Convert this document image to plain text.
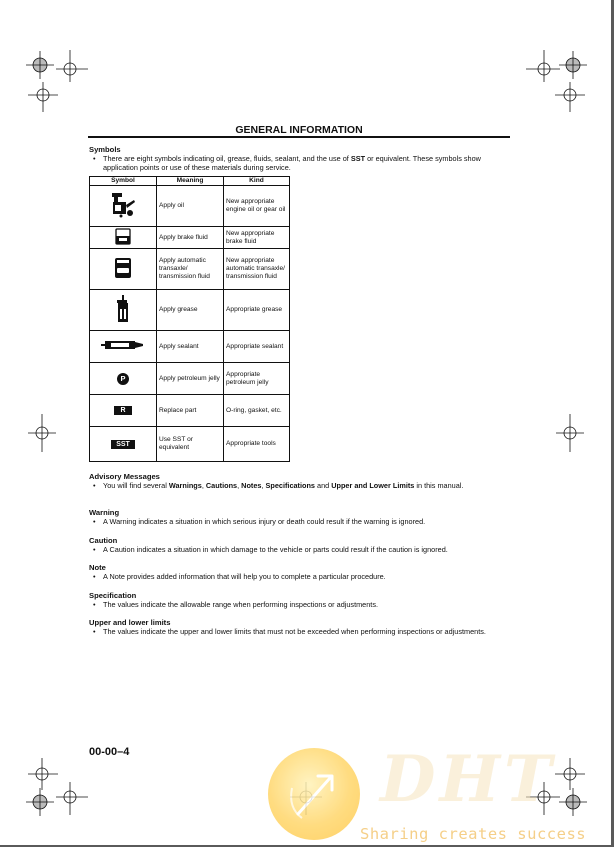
GENERAL INFORMATION
Symbols
• There are eight symbols indicating oil, grease, fluids, sealant, and the use of SST or equivalent. These symbols show application points or use of these materials during service.
Symbol	Meaning	Kind
	Apply oil	New appropriate engine oil or gear oil
	Apply brake fluid	New appropriate brake fluid
	Apply automatic transaxle/ transmission fluid	New appropriate automatic transaxle/ transmission fluid
	Apply grease	Appropriate grease
	Apply sealant	Appropriate sealant
P	Apply petroleum jelly	Appropriate petroleum jelly
R	Replace part	O-ring, gasket, etc.
SST	Use SST or equivalent	Appropriate tools
Advisory Messages
• You will find several Warnings, Cautions, Notes, Specifications and Upper and Lower Limits in this manual.
Warning
• A Warning indicates a situation in which serious injury or death could result if the warning is ignored.
Caution
• A Caution indicates a situation in which damage to the vehicle or parts could result if the caution is ignored.
Note
• A Note provides added information that will help you to complete a particular procedure.
Specification
• The values indicate the allowable range when performing inspections or adjustments.
Upper and lower limits
• The values indicate the upper and lower limits that must not be exceeded when performing inspections or adjustments.
00-00–4	DHT
Sharing creates success
